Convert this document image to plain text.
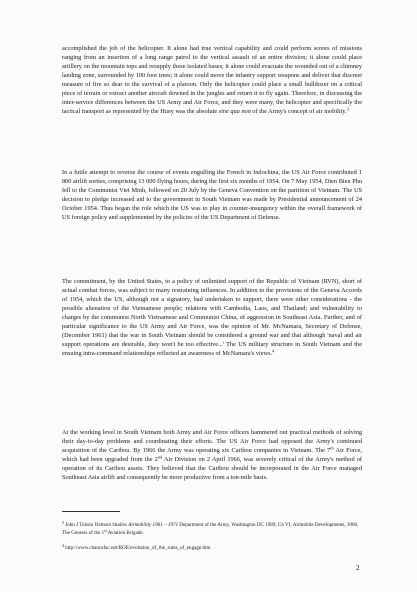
accomplished the job of the helicopter. It alone had true vertical capability and could perform scores of missions ranging from an insertion of a long range patrol to the vertical assault of an entire division; it alone could place artillery on the mountain tops and resupply these isolated bases; it alone could evacuate the wounded out of a chimney landing zone, surrounded by 100 foot trees; it alone could move the infantry support weapons and deliver that discreet measure of fire so dear to the survival of a platoon. Only the helicopter could place a small bulldozer on a critical piece of terrain or extract another aircraft downed in the jungles and return it to fly again. Therefore, in discussing the inter-service differences between the US Army and Air Force, and they were many, the helicopter and specifically the tactical transport as represented by the Huey was the absolute sine qua non of the Army's concept of air mobility.$^3$

In a futile attempt to reverse the course of events engulfing the French in Indochina, the US Air Force contributed 1 800 airlift sorties, comprising 13 000 flying hours, during the first six months of 1954. On 7 May 1954, Dien Bien Phu fell to the Communist Viet Minh, followed on 20 July by the Geneva Convention on the partition of Vietnam. The US decision to pledge increased aid to the government in South Vietnam was made by Presidential announcement of 24 October 1954. Thus began the role which the US was to play in counter-insurgency within the overall framework of US foreign policy and supplemented by the policies of the US Department of Defense.

The commitment, by the United States, to a policy of unlimited support of the Republic of Vietnam (RVN), short of actual combat forces, was subject to many restraining influences. In addition to the provisions of the Geneva Accords of 1954, which the US, although not a signatory, had undertaken to support, there were other considerations - the possible alienation of the Vietnamese people; relations with Cambodia, Laos, and Thailand; and vulnerability to charges by the communist North Vietnamese and Communist China, of aggression in Southeast Asia. Further, and of particular significance to the US Army and Air Force, was the opinion of Mr. McNamara, Secretary of Defense, (December 1961) that the war in South Vietnam should be considered a ground war and that although 'naval and air support operations are desirable, they won't be too effective...' The US military structure in South Vietnam and the ensuing intra-command relationships reflected an awareness of McNamara's views.$^4$

At the working level in South Vietnam both Army and Air Force officers hammered out practical methods of solving their day-to-day problems and coordinating their efforts. The US Air Force had opposed the Army's continued acquisition of the Caribou. By 1966 the Army was operating six Caribou companies in Vietnam. The 7th Air Force, which had been upgraded from the 2nd Air Division on 2 April 1966, was severely critical of the Army's method of operation of its Caribou assets. They believed that the Caribou should be incorporated in the Air Force managed Southeast Asia airlift and consequently be more productive from a ton-mile basis.

$^3$ John J Tolson Vietnam Studies Airmobility 1961 – 1971 Department of the Army, Washington DC 1989, Ch VI, Airmobile Developments, 1966, The Genesis of the 1st Aviation Brigade.

$^4$ http://www.chancefac.net/ROE/evolution_of_the_rules_of_engage.htm

2
